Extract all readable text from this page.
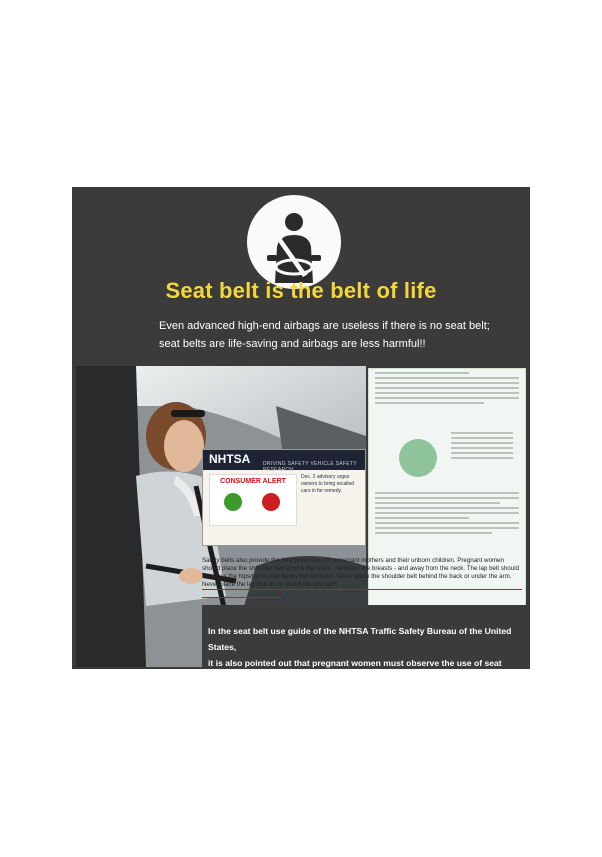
Seat belt is the belt of life
Even advanced high-end airbags are useless if there is no seat belt;
seat belts are life-saving and airbags are less harmful!!
NHTSA	DRIVING SAFETY VEHICLE SAFETY RESEARCH
CONSUMER ALERT
Dec. 2 advisory urges owners to bring recalled cars in for remedy.
Safety belts also provide the best protection for expectant mothers and their unborn children. Pregnant women should place the shoulder belt across the chest - between the breasts - and away from the neck. The lap belt should fit across the hips/pelvis and below the stomach. Never place the shoulder belt behind the back or under the arm. Never place the lap belt on or above the stomach.

In the seat belt use guide of the NHTSA Traffic Safety Bureau of the United States,
it is also pointed out that pregnant women must observe the use of seat belts!
